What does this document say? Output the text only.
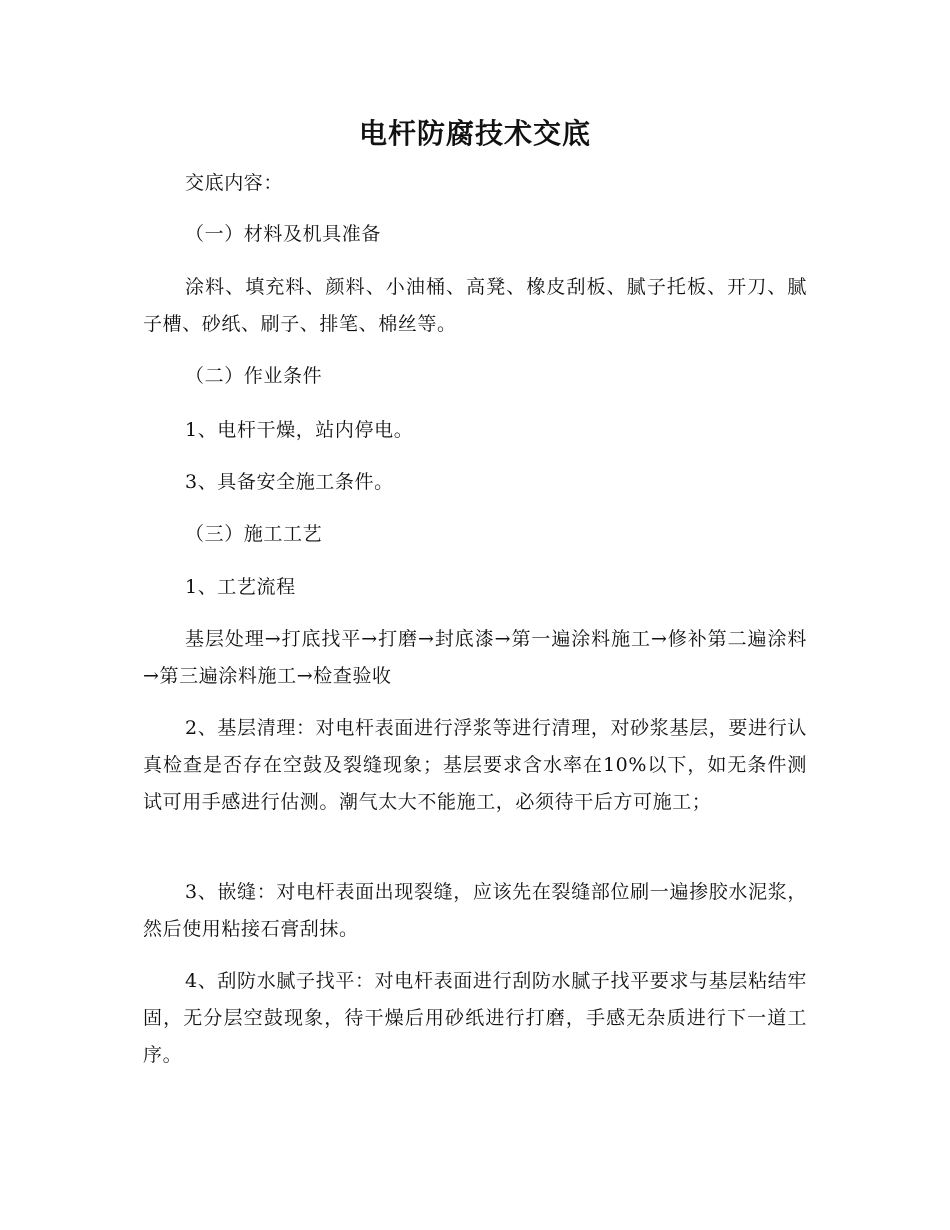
电杆防腐技术交底

交底内容：

（一）材料及机具准备

涂料、填充料、颜料、小油桶、高凳、橡皮刮板、腻子托板、开刀、腻子槽、砂纸、刷子、排笔、棉丝等。

（二）作业条件

1、电杆干燥，站内停电。

3、具备安全施工条件。

（三）施工工艺

1、工艺流程

基层处理→打底找平→打磨→封底漆→第一遍涂料施工→修补第二遍涂料→第三遍涂料施工→检查验收

2、基层清理：对电杆表面进行浮浆等进行清理，对砂浆基层，要进行认真检查是否存在空鼓及裂缝现象；基层要求含水率在10%以下，如无条件测试可用手感进行估测。潮气太大不能施工，必须待干后方可施工；

3、嵌缝：对电杆表面出现裂缝，应该先在裂缝部位刷一遍掺胶水泥浆，然后使用粘接石膏刮抹。

4、刮防水腻子找平：对电杆表面进行刮防水腻子找平要求与基层粘结牢固，无分层空鼓现象，待干燥后用砂纸进行打磨，手感无杂质进行下一道工序。
